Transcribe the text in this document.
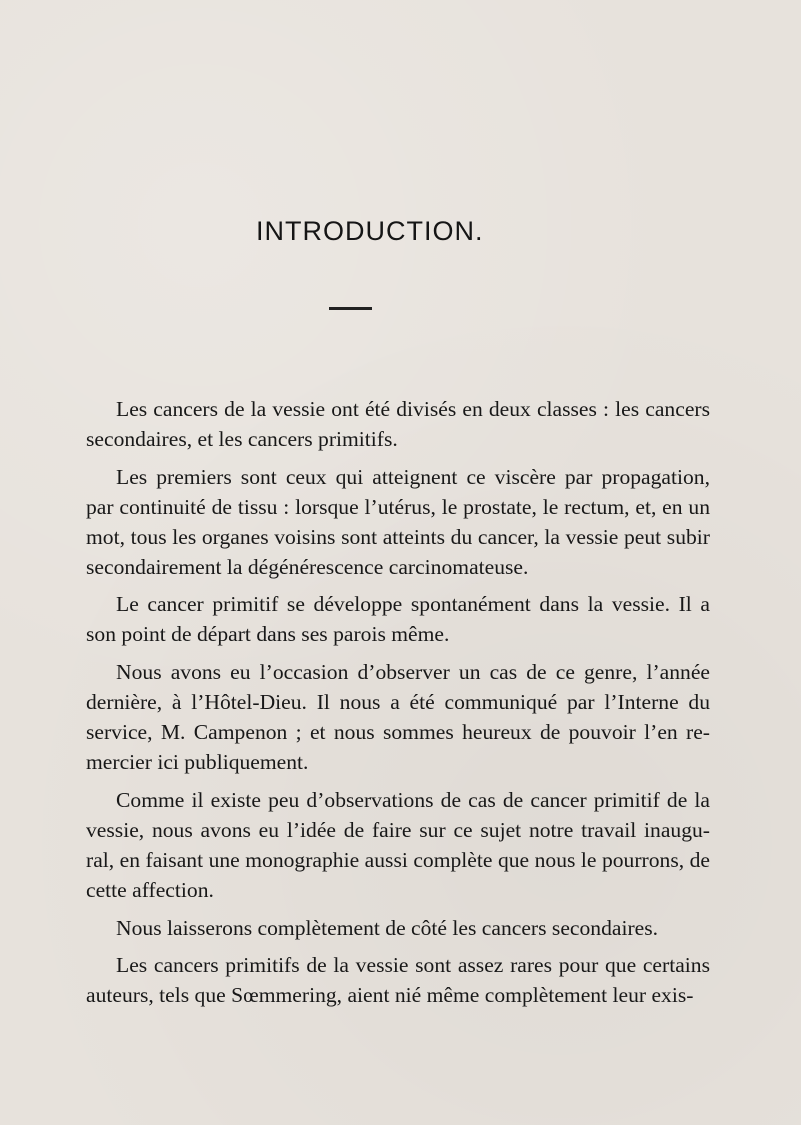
INTRODUCTION.

Les cancers de la vessie ont été divisés en deux classes : les cancers secondaires, et les cancers primitifs.

Les premiers sont ceux qui atteignent ce viscère par propagation, par continuité de tissu : lorsque l’utérus, le prostate, le rectum, et, en un mot, tous les organes voisins sont atteints du cancer, la vessie peut subir secondairement la dégénérescence carcinomateuse.

Le cancer primitif se développe spontanément dans la vessie. Il a son point de départ dans ses parois même.

Nous avons eu l’occasion d’observer un cas de ce genre, l’année dernière, à l’Hôtel-Dieu. Il nous a été communiqué par l’Interne du service, M. Campenon ; et nous sommes heureux de pouvoir l’en re- mercier ici publiquement.

Comme il existe peu d’observations de cas de cancer primitif de la vessie, nous avons eu l’idée de faire sur ce sujet notre travail inaugu- ral, en faisant une monographie aussi complète que nous le pourrons, de cette affection.

Nous laisserons complètement de côté les cancers secondaires.

Les cancers primitifs de la vessie sont assez rares pour que certains auteurs, tels que Sœmmering, aient nié même complètement leur exis-
